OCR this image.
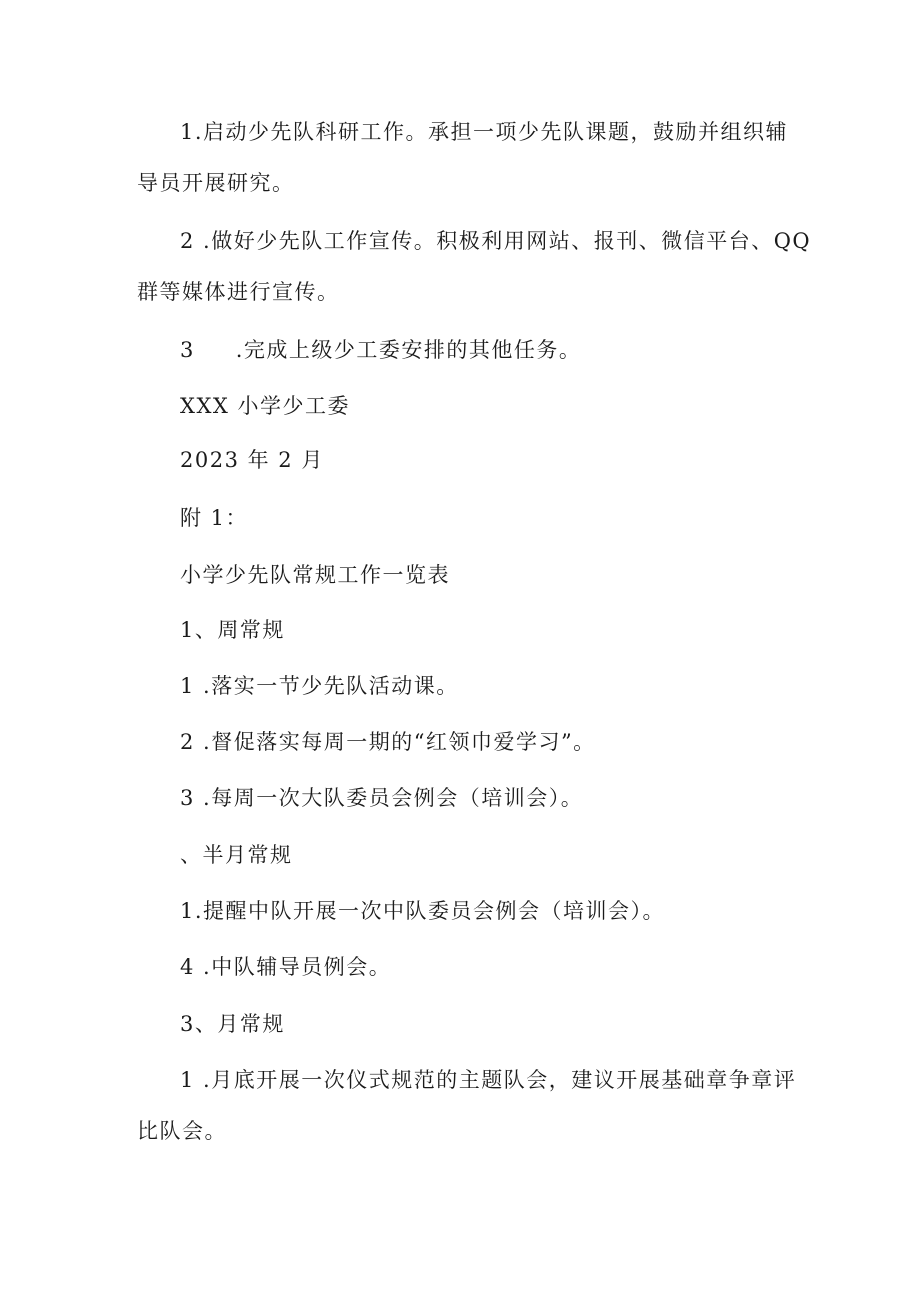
1.启动少先队科研工作。承担一项少先队课题，鼓励并组织辅
导员开展研究。
2 .做好少先队工作宣传。积极利用网站、报刊、微信平台、QQ
群等媒体进行宣传。
3     .完成上级少工委安排的其他任务。
XXX 小学少工委
2023 年 2 月
附 1：
小学少先队常规工作一览表
1、周常规
1 .落实一节少先队活动课。
2 .督促落实每周一期的“红领巾爱学习”。
3 .每周一次大队委员会例会（培训会）。
、半月常规
1.提醒中队开展一次中队委员会例会（培训会）。
4 .中队辅导员例会。
3、月常规
1 .月底开展一次仪式规范的主题队会，建议开展基础章争章评
比队会。
